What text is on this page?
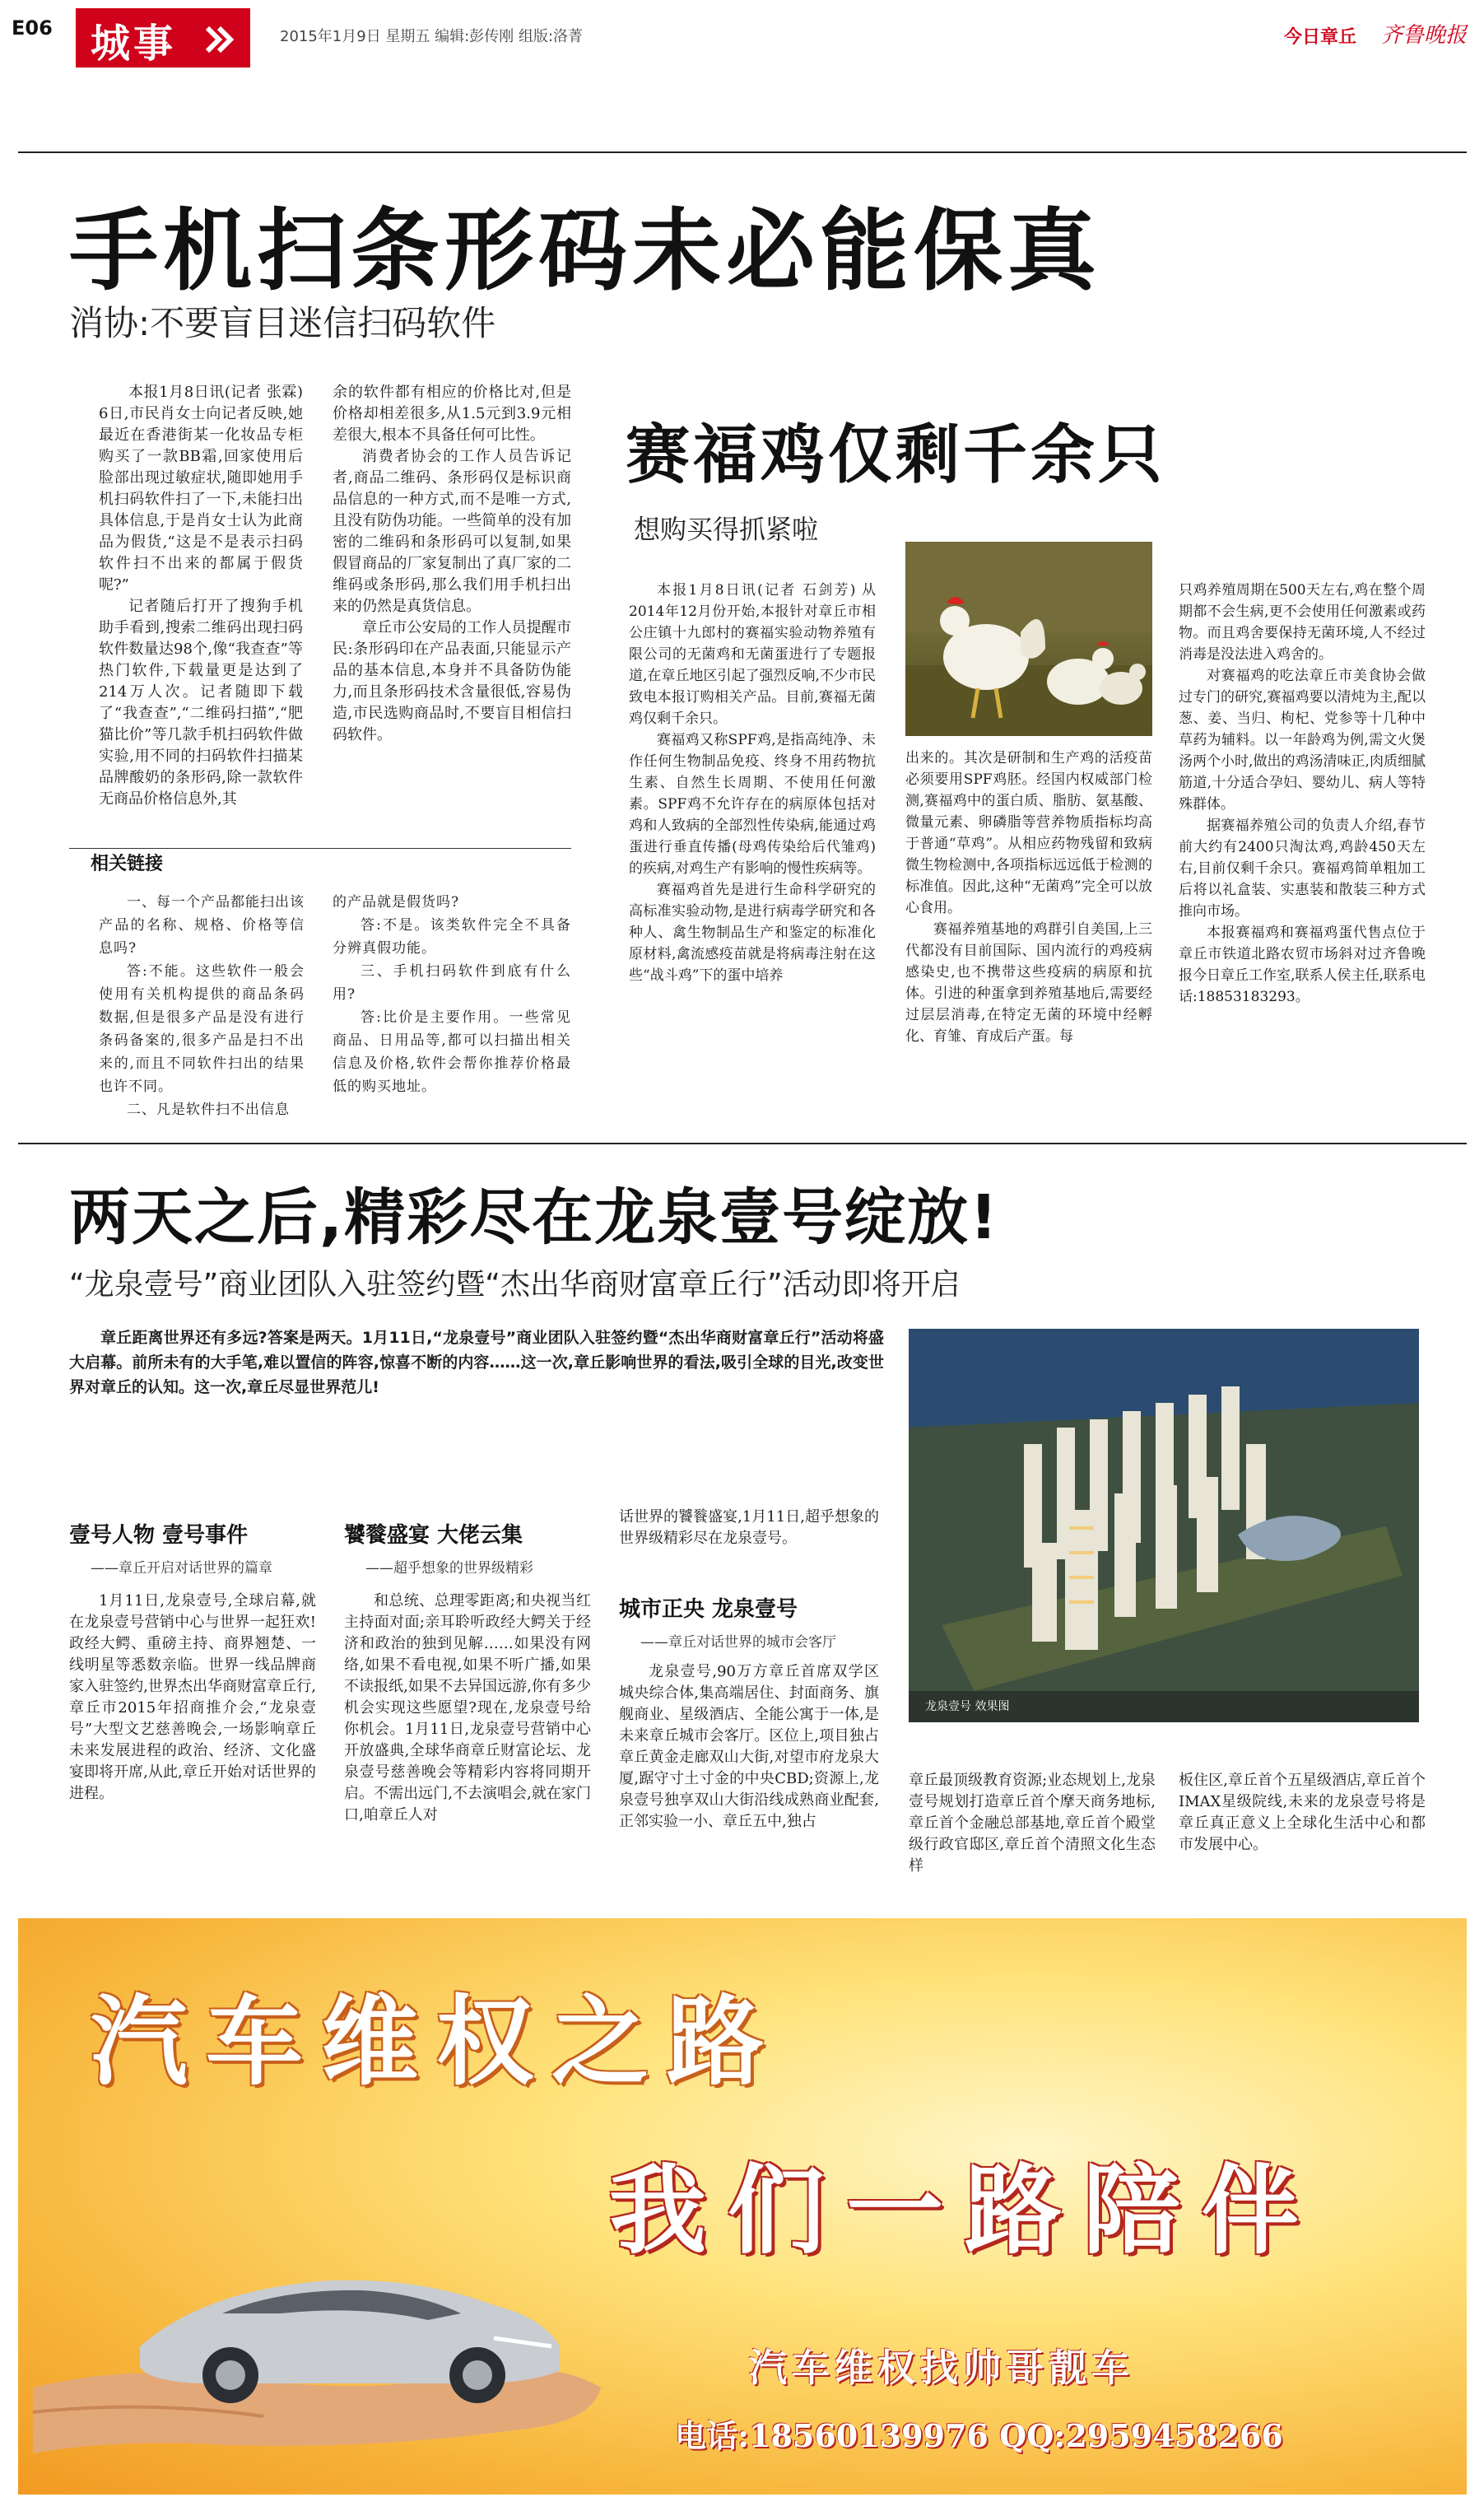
E06 城事	2015年1月9日 星期五 编辑:彭传刚 组版:洛菁	今日章丘 齐鲁晚报
手机扫条形码未必能保真
消协:不要盲目迷信扫码软件

本报1月8日讯(记者 张霖) 6日,市民肖女士向记者反映,她最近在香港街某一化妆品专柜购买了一款BB霜,回家使用后脸部出现过敏症状,随即她用手机扫码软件扫了一下,未能扫出具体信息,于是肖女士认为此商品为假货,“这是不是表示扫码软件扫不出来的都属于假货呢?”

记者随后打开了搜狗手机助手看到,搜索二维码出现扫码软件数量达98个,像“我查查”等热门软件,下载量更是达到了214万人次。记者随即下载了“我查查”,“二维码扫描”,“肥猫比价”等几款手机扫码软件做实验,用不同的扫码软件扫描某品牌酸奶的条形码,除一款软件无商品价格信息外,其

余的软件都有相应的价格比对,但是价格却相差很多,从1.5元到3.9元相差很大,根本不具备任何可比性。

消费者协会的工作人员告诉记者,商品二维码、条形码仅是标识商品信息的一种方式,而不是唯一方式,且没有防伪功能。一些简单的没有加密的二维码和条形码可以复制,如果假冒商品的厂家复制出了真厂家的二维码或条形码,那么我们用手机扫出来的仍然是真货信息。

章丘市公安局的工作人员提醒市民:条形码印在产品表面,只能显示产品的基本信息,本身并不具备防伪能力,而且条形码技术含量很低,容易伪造,市民选购商品时,不要盲目相信扫码软件。

相关链接

一、每一个产品都能扫出该产品的名称、规格、价格等信息吗?

答:不能。这些软件一般会使用有关机构提供的商品条码数据,但是很多产品是没有进行条码备案的,很多产品是扫不出来的,而且不同软件扫出的结果也许不同。

二、凡是软件扫不出信息

的产品就是假货吗?

答:不是。该类软件完全不具备分辨真假功能。

三、手机扫码软件到底有什么用?

答:比价是主要作用。一些常见商品、日用品等,都可以扫描出相关信息及价格,软件会帮你推荐价格最低的购买地址。

赛福鸡仅剩千余只
想购买得抓紧啦

本报1月8日讯(记者 石剑芳) 从2014年12月份开始,本报针对章丘市相公庄镇十九郎村的赛福实验动物养殖有限公司的无菌鸡和无菌蛋进行了专题报道,在章丘地区引起了强烈反响,不少市民致电本报订购相关产品。目前,赛福无菌鸡仅剩千余只。

赛福鸡又称SPF鸡,是指高纯净、未作任何生物制品免疫、终身不用药物抗生素、自然生长周期、不使用任何激素。SPF鸡不允许存在的病原体包括对鸡和人致病的全部烈性传染病,能通过鸡蛋进行垂直传播(母鸡传染给后代雏鸡)的疾病,对鸡生产有影响的慢性疾病等。

赛福鸡首先是进行生命科学研究的高标准实验动物,是进行病毒学研究和各种人、禽生物制品生产和鉴定的标准化原材料,禽流感疫苗就是将病毒注射在这些“战斗鸡”下的蛋中培养

出来的。其次是研制和生产鸡的活疫苗必须要用SPF鸡胚。经国内权威部门检测,赛福鸡中的蛋白质、脂肪、氨基酸、微量元素、卵磷脂等营养物质指标均高于普通“草鸡”。从相应药物残留和致病微生物检测中,各项指标远远低于检测的标准值。因此,这种“无菌鸡”完全可以放心食用。

赛福养殖基地的鸡群引自美国,上三代都没有目前国际、国内流行的鸡疫病感染史,也不携带这些疫病的病原和抗体。引进的种蛋拿到养殖基地后,需要经过层层消毒,在特定无菌的环境中经孵化、育雏、育成后产蛋。每

只鸡养殖周期在500天左右,鸡在整个周期都不会生病,更不会使用任何激素或药物。而且鸡舍要保持无菌环境,人不经过消毒是没法进入鸡舍的。

对赛福鸡的吃法章丘市美食协会做过专门的研究,赛福鸡要以清炖为主,配以葱、姜、当归、枸杞、党参等十几种中草药为辅料。以一年龄鸡为例,需文火煲汤两个小时,做出的鸡汤清味正,肉质细腻筋道,十分适合孕妇、婴幼儿、病人等特殊群体。

据赛福养殖公司的负责人介绍,春节前大约有2400只淘汰鸡,鸡龄450天左右,目前仅剩千余只。赛福鸡简单粗加工后将以礼盒装、实惠装和散装三种方式推向市场。

本报赛福鸡和赛福鸡蛋代售点位于章丘市铁道北路农贸市场斜对过齐鲁晚报今日章丘工作室,联系人侯主任,联系电话:18853183293。

两天之后,精彩尽在龙泉壹号绽放!
“龙泉壹号”商业团队入驻签约暨“杰出华商财富章丘行”活动即将开启

章丘距离世界还有多远?答案是两天。1月11日,“龙泉壹号”商业团队入驻签约暨“杰出华商财富章丘行”活动将盛大启幕。前所未有的大手笔,难以置信的阵容,惊喜不断的内容……这一次,章丘影响世界的看法,吸引全球的目光,改变世界对章丘的认知。这一次,章丘尽显世界范儿!

龙泉壹号 效果图
壹号人物 壹号事件
——章丘开启对话世界的篇章

1月11日,龙泉壹号,全球启幕,就在龙泉壹号营销中心与世界一起狂欢!政经大鳄、重磅主持、商界翘楚、一线明星等悉数亲临。世界一线品牌商家入驻签约,世界杰出华商财富章丘行,章丘市2015年招商推介会,“龙泉壹号”大型文艺慈善晚会,一场影响章丘未来发展进程的政治、经济、文化盛宴即将开席,从此,章丘开始对话世界的进程。

饕餮盛宴 大佬云集
——超乎想象的世界级精彩

和总统、总理零距离;和央视当红主持面对面;亲耳聆听政经大鳄关于经济和政治的独到见解……如果没有网络,如果不看电视,如果不听广播,如果不读报纸,如果不去异国远游,你有多少机会实现这些愿望?现在,龙泉壹号给你机会。1月11日,龙泉壹号营销中心开放盛典,全球华商章丘财富论坛、龙泉壹号慈善晚会等精彩内容将同期开启。不需出远门,不去演唱会,就在家门口,咱章丘人对

话世界的饕餮盛宴,1月11日,超乎想象的世界级精彩尽在龙泉壹号。

城市正央 龙泉壹号
——章丘对话世界的城市会客厅

龙泉壹号,90万方章丘首席双学区城央综合体,集高端居住、封面商务、旗舰商业、星级酒店、全能公寓于一体,是未来章丘城市会客厅。区位上,项目独占章丘黄金走廊双山大街,对望市府龙泉大厦,踞守寸土寸金的中央CBD;资源上,龙泉壹号独享双山大街沿线成熟商业配套,正邻实验一小、章丘五中,独占

章丘最顶级教育资源;业态规划上,龙泉壹号规划打造章丘首个摩天商务地标,章丘首个金融总部基地,章丘首个殿堂级行政官邸区,章丘首个清照文化生态样

板住区,章丘首个五星级酒店,章丘首个IMAX星级院线,未来的龙泉壹号将是章丘真正意义上全球化生活中心和都市发展中心。

汽车维权之路
我们一路陪伴
汽车维权找帅哥靓车
电话:18560139976 QQ:2959458266
